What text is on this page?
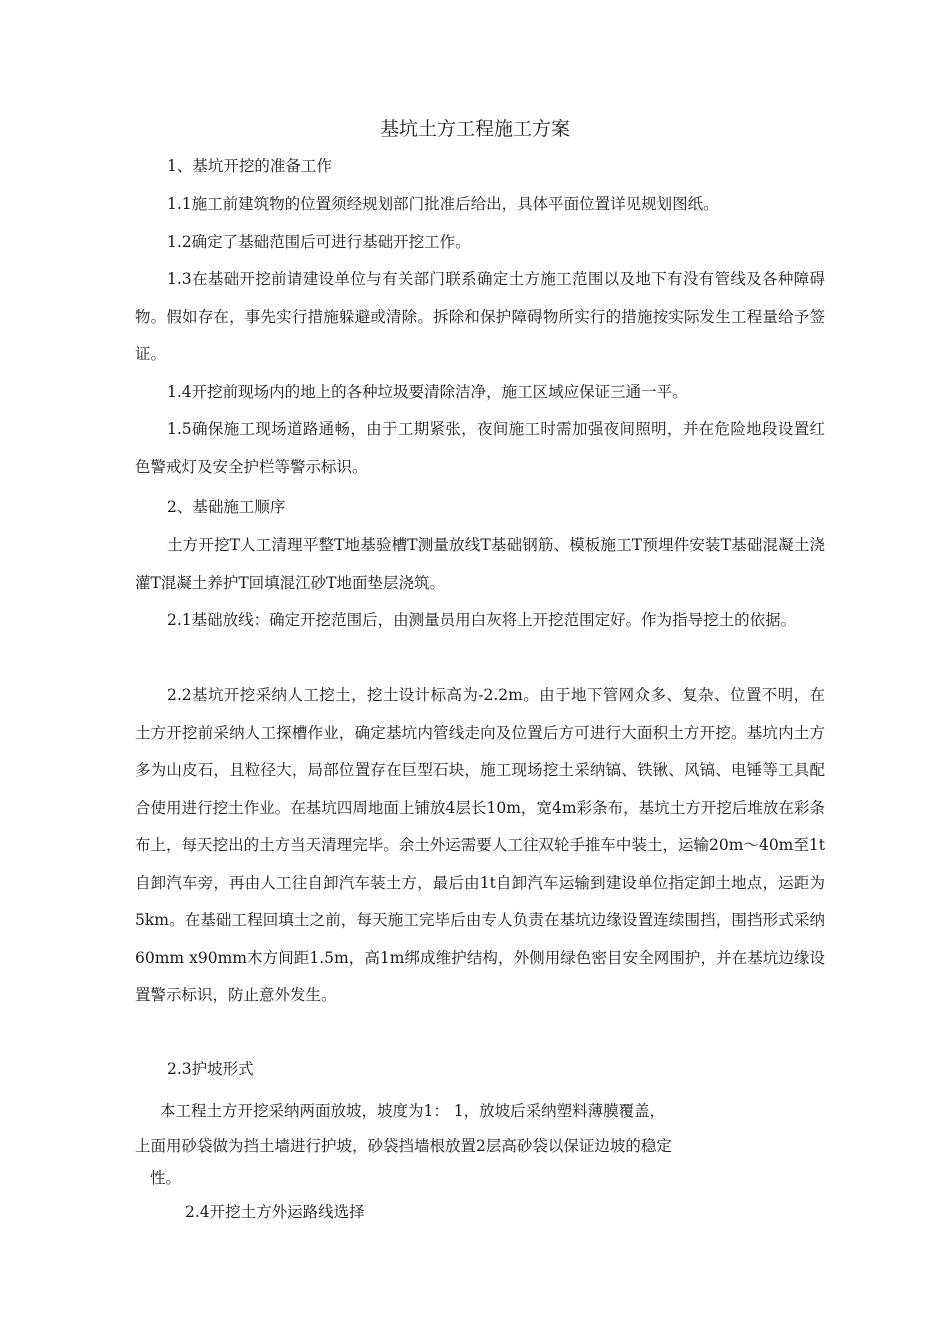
基坑土方工程施工方案

1、基坑开挖的准备工作

1.1施工前建筑物的位置须经规划部门批准后给出，具体平面位置详见规划图纸。

1.2确定了基础范围后可进行基础开挖工作。

1.3在基础开挖前请建设单位与有关部门联系确定土方施工范围以及地下有没有管线及各种障碍物。假如存在，事先实行措施躲避或清除。拆除和保护障碍物所实行的措施按实际发生工程量给予签证。

1.4开挖前现场内的地上的各种垃圾要清除洁净，施工区域应保证三通一平。

1.5确保施工现场道路通畅，由于工期紧张，夜间施工时需加强夜间照明，并在危险地段设置红色警戒灯及安全护栏等警示标识。

2、基础施工顺序

土方开挖T人工清理平整T地基验槽T测量放线T基础钢筋、模板施工T预埋件安装T基础混凝土浇灌T混凝土养护T回填混江砂T地面垫层浇筑。

2.1基础放线：确定开挖范围后，由测量员用白灰将上开挖范围定好。作为指导挖土的依据。

2.2基坑开挖采纳人工挖土，挖土设计标高为-2.2m。由于地下管网众多、复杂、位置不明，在土方开挖前采纳人工探槽作业，确定基坑内管线走向及位置后方可进行大面积土方开挖。基坑内土方多为山皮石，且粒径大，局部位置存在巨型石块，施工现场挖土采纳镐、铁锹、风镐、电锤等工具配合使用进行挖土作业。在基坑四周地面上铺放4层长10m，宽4m彩条布，基坑土方开挖后堆放在彩条布上，每天挖出的土方当天清理完毕。余土外运需要人工往双轮手推车中装土，运输20m〜40m至1t自卸汽车旁，再由人工往自卸汽车装土方，最后由1t自卸汽车运输到建设单位指定卸土地点，运距为5km。在基础工程回填土之前，每天施工完毕后由专人负责在基坑边缘设置连续围挡，围挡形式采纳60mm x90mm木方间距1.5m，高1m绑成维护结构，外侧用绿色密目安全网围护，并在基坑边缘设置警示标识，防止意外发生。

2.3护坡形式

本工程土方开挖采纳两面放坡，坡度为1： 1，放坡后采纳塑料薄膜覆盖，

上面用砂袋做为挡土墙进行护坡，砂袋挡墙根放置2层高砂袋以保证边坡的稳定

性。

2.4开挖土方外运路线选择
